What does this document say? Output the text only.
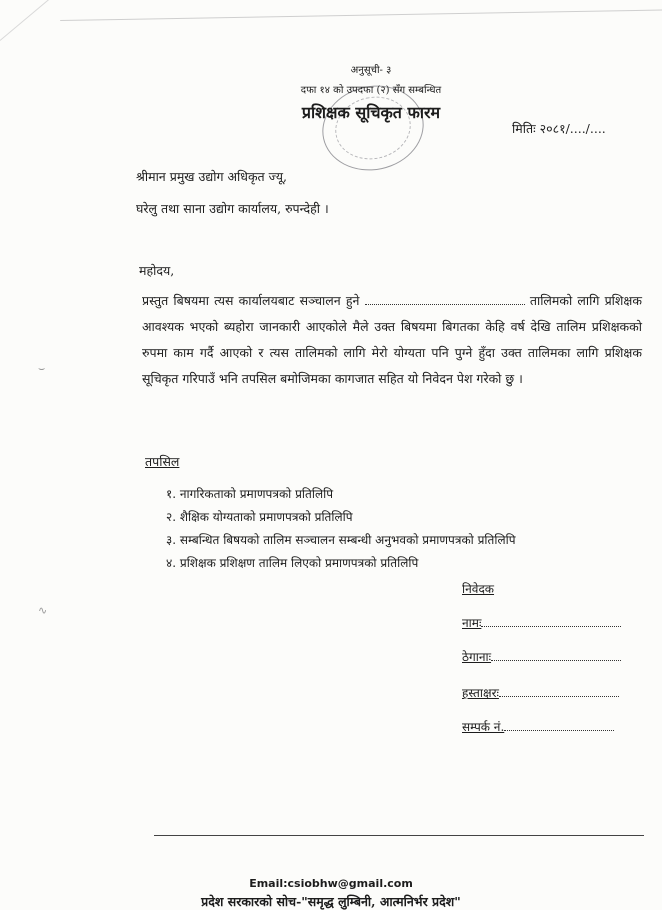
अनुसूची- ३
दफा १४ को उपदफा (२) सँग सम्बन्धित
प्रशिक्षक सूचिकृत फारम
मितिः २०८१/..../....
श्रीमान प्रमुख उद्योग अधिकृत ज्यू,
घरेलु तथा साना उद्योग कार्यालय, रुपन्देही ।
महोदय,
प्रस्तुत बिषयमा त्यस कार्यालयबाट सञ्चालन हुने	तालिमको लागि प्रशिक्षक आवश्यक भएको ब्यहोरा जानकारी आएकोले मैले उक्त बिषयमा बिगतका केहि वर्ष देखि तालिम प्रशिक्षकको रुपमा काम गर्दै आएको र त्यस तालिमको लागि मेरो योग्यता पनि पुग्ने हुँदा उक्त तालिमका लागि प्रशिक्षक सूचिकृत गरिपाउँ भनि तपसिल बमोजिमका कागजात सहित यो निवेदन पेश गरेको छु ।
तपसिल
१. नागरिकताको प्रमाणपत्रको प्रतिलिपि
२. शैक्षिक योग्यताको प्रमाणपत्रको प्रतिलिपि
३. सम्बन्धित बिषयको तालिम सञ्चालन सम्बन्धी अनुभवको प्रमाणपत्रको प्रतिलिपि
४. प्रशिक्षक प्रशिक्षण तालिम लिएको प्रमाणपत्रको प्रतिलिपि
निवेदक
नामः
ठेगानाः
हस्ताक्षरः
सम्पर्क नं.
⌣
∿
Email:csiobhw@gmail.com
प्रदेश सरकारको सोच-"समृद्ध लुम्बिनी, आत्मनिर्भर प्रदेश"
